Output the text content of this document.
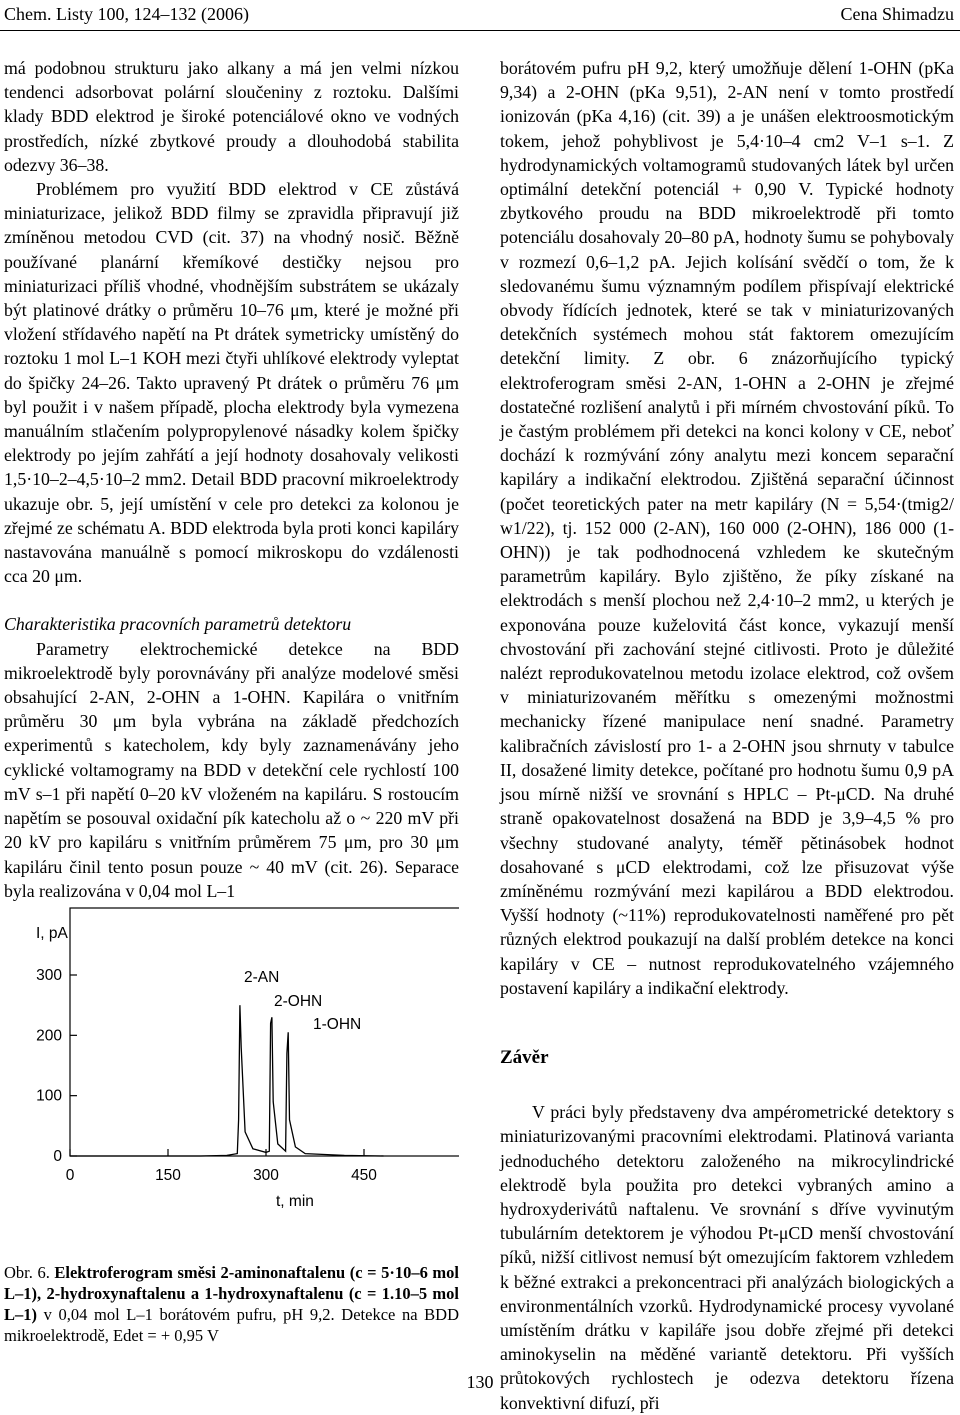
Chem. Listy 100, 124–132 (2006)	Cena Shimadzu

má podobnou strukturu jako alkany a má jen velmi nízkou tendenci adsorbovat polární sloučeniny z roztoku. Dalšími klady BDD elektrod je široké potenciálové okno ve vodných prostředích, nízké zbytkové proudy a dlouhodobá stabilita odezvy 36–38.

Problémem pro využití BDD elektrod v CE zůstává miniaturizace, jelikož BDD filmy se zpravidla připravují již zmíněnou metodou CVD (cit. 37) na vhodný nosič. Běžně používané planární křemíkové destičky nejsou pro miniaturizaci příliš vhodné, vhodnějším substrátem se ukázaly být platinové drátky o průměru 10–76 μm, které je možné při vložení střídavého napětí na Pt drátek symetricky umístěný do roztoku 1 mol L–1 KOH mezi čtyři uhlíkové elektrody vyleptat do špičky 24–26. Takto upravený Pt drátek o průměru 76 μm byl použit i v našem případě, plocha elektrody byla vymezena manuálním stlačením polypropylenové násadky kolem špičky elektrody po jejím zahřátí a její hodnoty dosahovaly velikosti 1,5·10–2–4,5·10–2 mm2. Detail BDD pracovní mikroelektrody ukazuje obr. 5, její umístění v cele pro detekci za kolonou je zřejmé ze schématu A. BDD elektroda byla proti konci kapiláry nastavována manuálně s pomocí mikroskopu do vzdálenosti cca 20 μm.

Charakteristika pracovních parametrů detektoru

Parametry elektrochemické detekce na BDD mikroelektrodě byly porovnávány při analýze modelové směsi obsahující 2-AN, 2-OHN a 1-OHN. Kapilára o vnitřním průměru 30 μm byla vybrána na základě předchozích experimentů s katecholem, kdy byly zaznamenávány jeho cyklické voltamogramy na BDD v detekční cele rychlostí 100 mV s–1 při napětí 0–20 kV vloženém na kapiláru. S rostoucím napětím se posouval oxidační pík katecholu až o ~ 220 mV při 20 kV pro kapiláru s vnitřním průměrem 75 μm, pro 30 μm kapiláru činil tento posun pouze ~ 40 mV (cit. 26). Separace byla realizována v 0,04 mol L–1

0
100
200
300
0	150	300	450
I, pA
t, min
2-AN
2-OHN
1-OHN
Obr. 6. Elektroferogram směsi 2-aminonaftalenu (c = 5·10–6 mol L–1), 2-hydroxynaftalenu a 1-hydroxynaftalenu (c = 1.10–5 mol L–1) v 0,04 mol L–1 borátovém pufru, pH 9,2. Detekce na BDD mikroelektrodě, Edet = + 0,95 V

borátovém pufru pH 9,2, který umožňuje dělení 1-OHN (pKa 9,34) a 2-OHN (pKa 9,51), 2-AN není v tomto prostředí ionizován (pKa 4,16) (cit. 39) a je unášen elektroosmotickým tokem, jehož pohyblivost je 5,4·10–4 cm2 V–1 s–1. Z hydrodynamických voltamogramů studovaných látek byl určen optimální detekční potenciál + 0,90 V. Typické hodnoty zbytkového proudu na BDD mikroelektrodě při tomto potenciálu dosahovaly 20–80 pA, hodnoty šumu se pohybovaly v rozmezí 0,6–1,2 pA. Jejich kolísání svědčí o tom, že k sledovanému šumu významným podílem přispívají elektrické obvody řídících jednotek, které se tak v miniaturizovaných detekčních systémech mohou stát faktorem omezujícím detekční limity. Z obr. 6 znázorňujícího typický elektroferogram směsi 2-AN, 1-OHN a 2-OHN je zřejmé dostatečné rozlišení analytů i při mírném chvostování píků. To je častým problémem při detekci na konci kolony v CE, neboť dochází k rozmývání zóny analytu mezi koncem separační kapiláry a indikační elektrodou. Zjištěná separační účinnost (počet teoretických pater na metr kapiláry (N = 5,54·(tmig2/ w1/22), tj. 152 000 (2-AN), 160 000 (2-OHN), 186 000 (1-OHN)) je tak podhodnocená vzhledem ke skutečným parametrům kapiláry. Bylo zjištěno, že píky získané na elektrodách s menší plochou než 2,4·10–2 mm2, u kterých je exponována pouze kuželovitá část konce, vykazují menší chvostování při zachování stejné citlivosti. Proto je důležité nalézt reprodukovatelnou metodu izolace elektrod, což ovšem v miniaturizovaném měřítku s omezenými možnostmi mechanicky řízené manipulace není snadné. Parametry kalibračních závislostí pro 1- a 2-OHN jsou shrnuty v tabulce II, dosažené limity detekce, počítané pro hodnotu šumu 0,9 pA jsou mírně nižší ve srovnání s HPLC – Pt-μCD. Na druhé straně opakovatelnost dosažená na BDD je 3,9–4,5 % pro všechny studované analyty, téměř pětinásobek hodnot dosahované s μCD elektrodami, což lze přisuzovat výše zmíněnému rozmývání mezi kapilárou a BDD elektrodou. Vyšší hodnoty (~11%) reprodukovatelnosti naměřené pro pět různých elektrod poukazují na další problém detekce na konci kapiláry v CE – nutnost reprodukovatelného vzájemného postavení kapiláry a indikační elektrody.

Závěr

V práci byly představeny dva ampérometrické detektory s miniaturizovanými pracovními elektrodami. Platinová varianta jednoduchého detektoru založeného na mikrocylindrické elektrodě byla použita pro detekci vybraných amino a hydroxyderivátů naftalenu. Ve srovnání s dříve vyvinutým tubulárním detektorem je výhodou Pt-μCD menší chvostování píků, nižší citlivost nemusí být omezujícím faktorem vzhledem k běžné extrakci a prekoncentraci při analýzách biologických a environmentálních vzorků. Hydrodynamické procesy vyvolané umístěním drátku v kapiláře jsou dobře zřejmé při detekci aminokyselin na měděné variantě detektoru. Při vyšších průtokových rychlostech je odezva detektoru řízena konvektivní difuzí, při

130
